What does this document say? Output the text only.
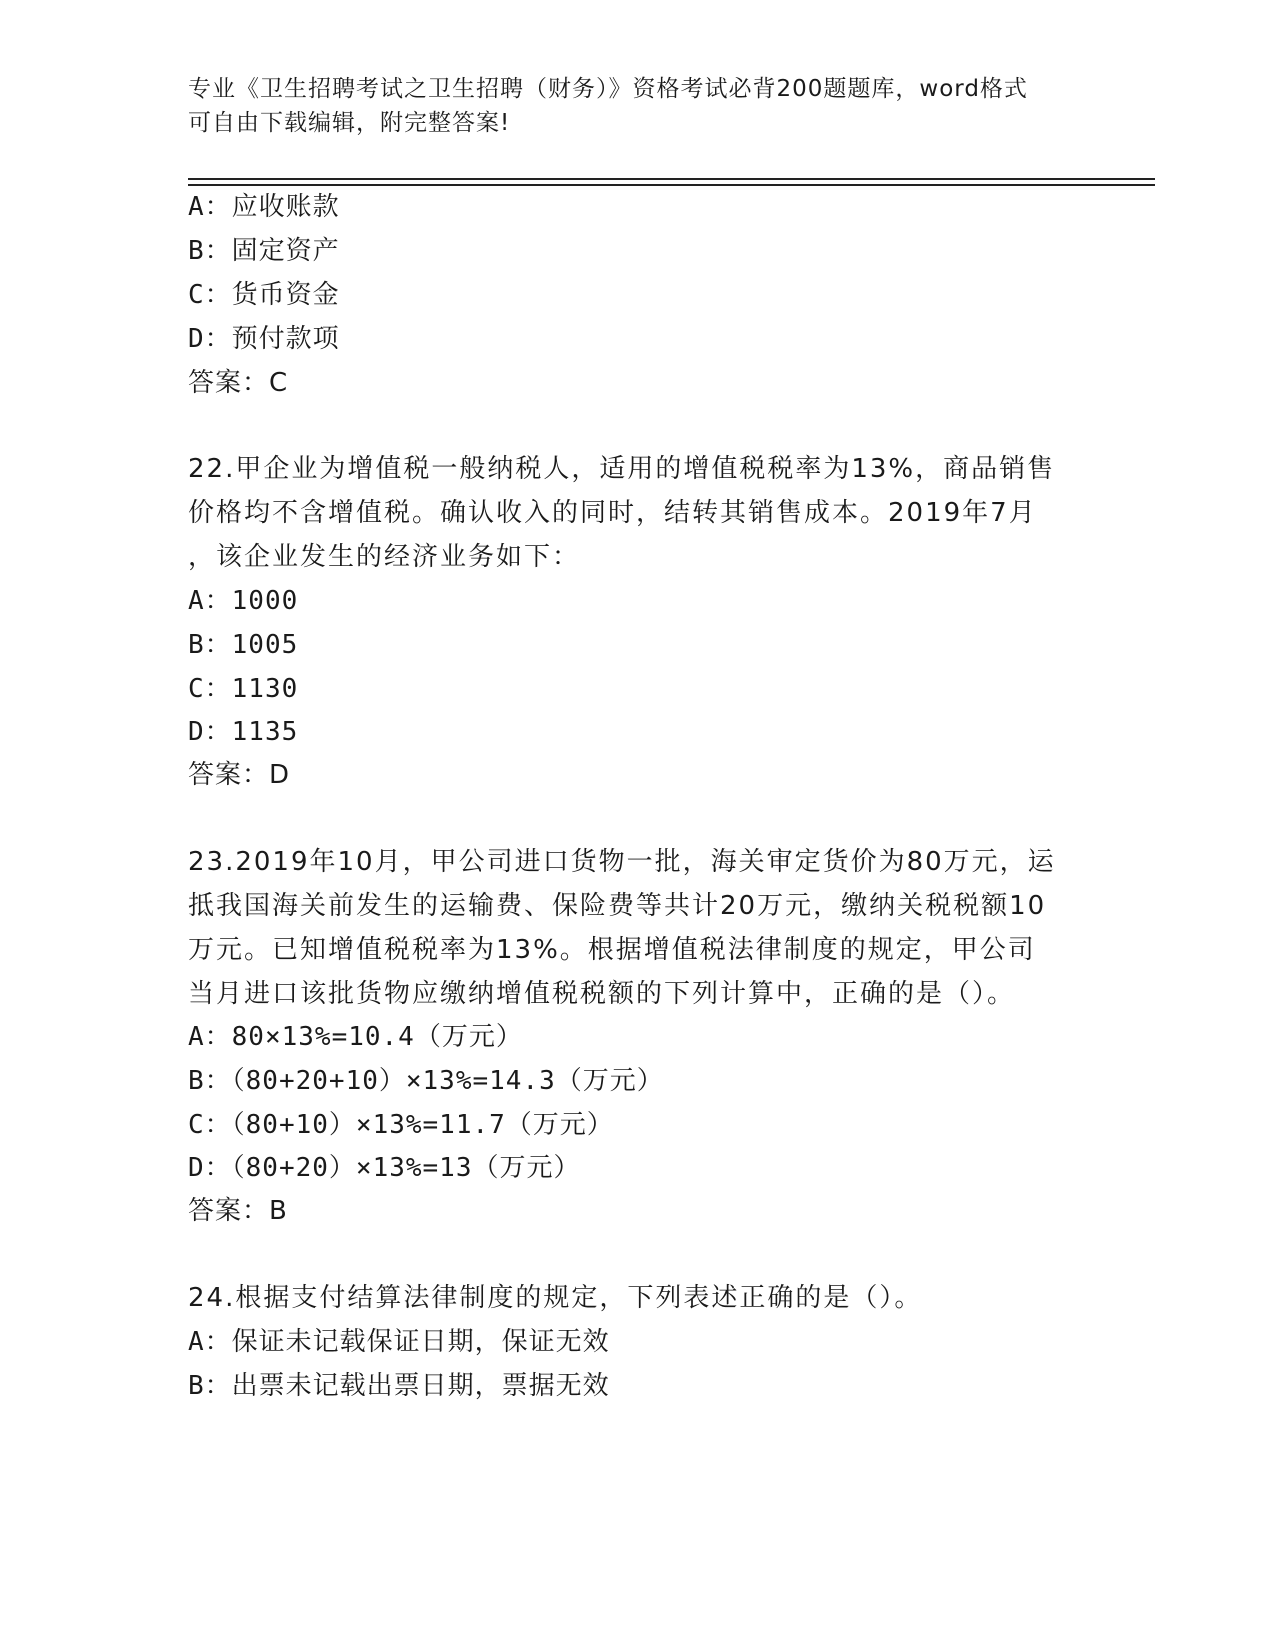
专业《卫生招聘考试之卫生招聘（财务）》资格考试必背200题题库，word格式
可自由下载编辑，附完整答案!
A：应收账款
B：固定资产
C：货币资金
D：预付款项
答案：C
22.甲企业为增值税一般纳税人，适用的增值税税率为13%，商品销售
价格均不含增值税。确认收入的同时，结转其销售成本。2019年7月
，该企业发生的经济业务如下：
A：1000
B：1005
C：1130
D：1135
答案：D
23.2019年10月，甲公司进口货物一批，海关审定货价为80万元，运
抵我国海关前发生的运输费、保险费等共计20万元，缴纳关税税额10
万元。已知增值税税率为13%。根据增值税法律制度的规定，甲公司
当月进口该批货物应缴纳增值税税额的下列计算中，正确的是（）。
A：80×13%=10.4（万元）
B：（80+20+10）×13%=14.3（万元）
C：（80+10）×13%=11.7（万元）
D：（80+20）×13%=13（万元）
答案：B
24.根据支付结算法律制度的规定，下列表述正确的是（）。
A：保证未记载保证日期，保证无效
B：出票未记载出票日期，票据无效
